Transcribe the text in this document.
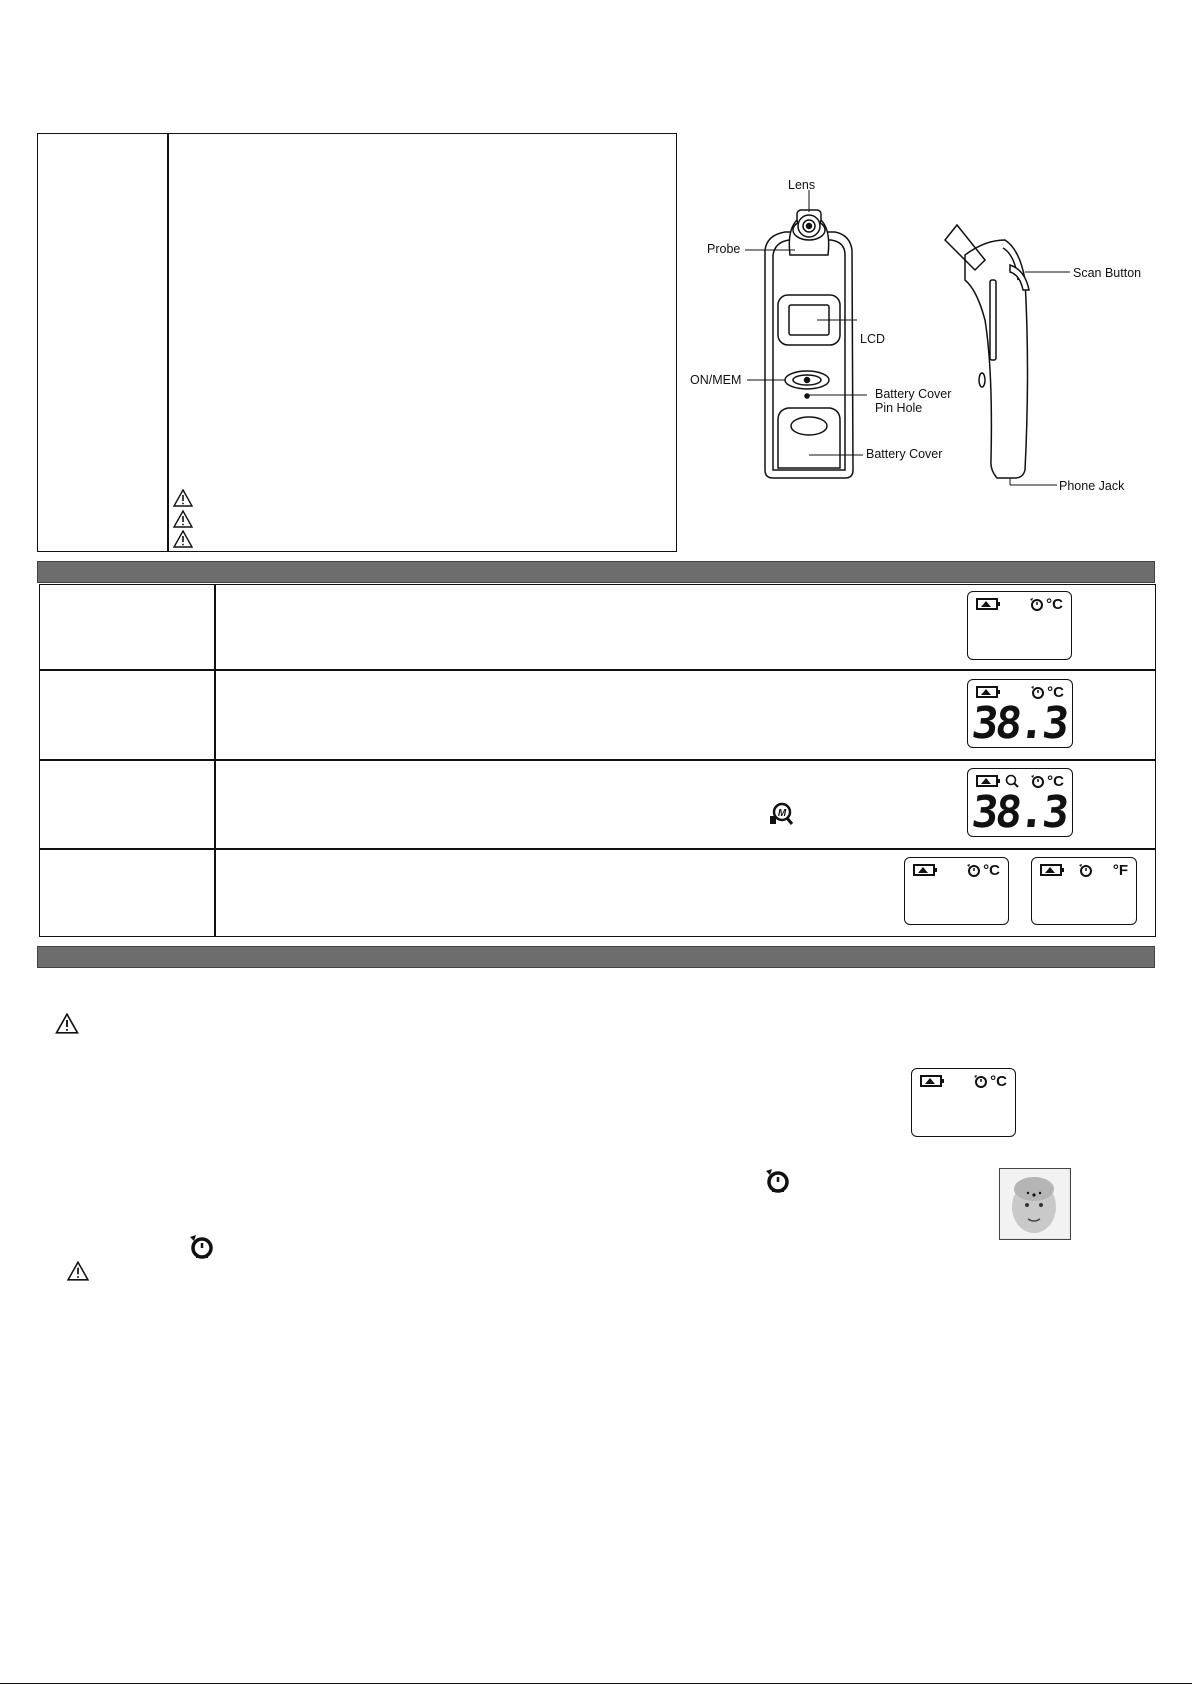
Lens
Probe
LCD
ON/MEM
Battery Cover
Pin Hole
Battery Cover
Scan Button
Phone Jack
°C
°C
38.3
°C
38.3
M
°C	°F
°C
